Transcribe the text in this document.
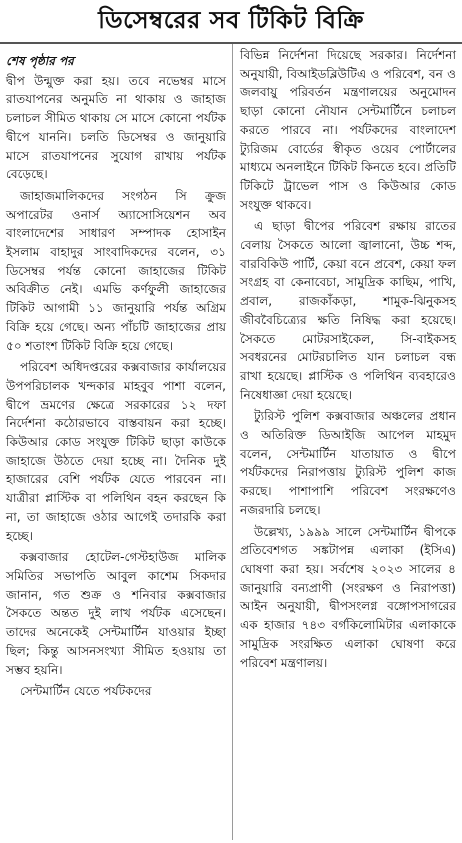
ডিসেম্বরের সব টিকিট বিক্রি
শেষ পৃষ্ঠার পর

দ্বীপ উন্মুক্ত করা হয়। তবে নভেম্বর মাসে রাতযাপনের অনুমতি না থাকায় ও জাহাজ চলাচল সীমিত থাকায় সে মাসে কোনো পর্যটক দ্বীপে যাননি। চলতি ডিসেম্বর ও জানুয়ারি মাসে রাতযাপনের সুযোগ রাখায় পর্যটক বেড়েছে।

জাহাজমালিকদের সংগঠন সি ক্রুজ অপারেটর ওনার্স অ্যাসোসিয়েশন অব বাংলাদেশের সাধারণ সম্পাদক হোসাইন ইসলাম বাহাদুর সাংবাদিকদের বলেন, ৩১ ডিসেম্বর পর্যন্ত কোনো জাহাজের টিকিট অবিক্রীত নেই। এমভি কর্ণফুলী জাহাজের টিকিট আগামী ১১ জানুয়ারি পর্যন্ত অগ্রিম বিক্রি হয়ে গেছে। অন্য পাঁচটি জাহাজের প্রায় ৫০ শতাংশ টিকিট বিক্রি হয়ে গেছে।

পরিবেশ অধিদপ্তরের কক্সবাজার কার্যালয়ের উপপরিচালক খন্দকার মাহবুব পাশা বলেন, দ্বীপে ভ্রমণের ক্ষেত্রে সরকারের ১২ দফা নির্দেশনা কঠোরভাবে বাস্তবায়ন করা হচ্ছে। কিউআর কোড সংযুক্ত টিকিট ছাড়া কাউকে জাহাজে উঠতে দেয়া হচ্ছে না। দৈনিক দুই হাজারের বেশি পর্যটক যেতে পারবেন না। যাত্রীরা প্লাস্টিক বা পলিথিন বহন করছেন কি না, তা জাহাজে ওঠার আগেই তদারকি করা হচ্ছে।

কক্সবাজার হোটেল-গেস্টহাউজ মালিক সমিতির সভাপতি আবুল কাশেম সিকদার জানান, গত শুক্র ও শনিবার কক্সবাজার সৈকতে অন্তত দুই লাখ পর্যটক এসেছেন। তাদের অনেকেই সেন্টমার্টিন যাওয়ার ইচ্ছা ছিল; কিন্তু আসনসংখ্যা সীমিত হওয়ায় তা সম্ভব হয়নি।

সেন্টমার্টিন যেতে পর্যটকদের

বিভিন্ন নির্দেশনা দিয়েছে সরকার। নির্দেশনা অনুযায়ী, বিআইডব্লিউটিএ ও পরিবেশ, বন ও জলবায়ু পরিবর্তন মন্ত্রণালয়ের অনুমোদন ছাড়া কোনো নৌযান সেন্টমার্টিনে চলাচল করতে পারবে না। পর্যটকদের বাংলাদেশ ট্যুরিজম বোর্ডের স্বীকৃত ওয়েব পোর্টালের মাধ্যমে অনলাইনে টিকিট কিনতে হবে। প্রতিটি টিকিটে ট্রাভেল পাস ও কিউআর কোড সংযুক্ত থাকবে।

এ ছাড়া দ্বীপের পরিবেশ রক্ষায় রাতের বেলায় সৈকতে আলো জ্বালানো, উচ্চ শব্দ, বারবিকিউ পার্টি, কেয়া বনে প্রবেশ, কেয়া ফল সংগ্রহ বা কেনাবেচা, সামুদ্রিক কাছিম, পাখি, প্রবাল, রাজকাঁকড়া, শামুক-ঝিনুকসহ জীববৈচিত্র্যের ক্ষতি নিষিদ্ধ করা হয়েছে। সৈকতে মোটরসাইকেল, সি-বাইকসহ সবধরনের মোটরচালিত যান চলাচল বন্ধ রাখা হয়েছে। প্লাস্টিক ও পলিথিন ব্যবহারেও নিষেধাজ্ঞা দেয়া হয়েছে।

ট্যুরিস্ট পুলিশ কক্সবাজার অঞ্চলের প্রধান ও অতিরিক্ত ডিআইজি আপেল মাহমুদ বলেন, সেন্টমার্টিন যাতায়াত ও দ্বীপে পর্যটকদের নিরাপত্তায় ট্যুরিস্ট পুলিশ কাজ করছে। পাশাপাশি পরিবেশ সংরক্ষণেও নজরদারি চলছে।

উল্লেখ্য, ১৯৯৯ সালে সেন্টমার্টিন দ্বীপকে প্রতিবেশগত সঙ্কটাপন্ন এলাকা (ইসিএ) ঘোষণা করা হয়। সর্বশেষ ২০২৩ সালের ৪ জানুয়ারি বন্যপ্রাণী (সংরক্ষণ ও নিরাপত্তা) আইন অনুযায়ী, দ্বীপসংলগ্ন বঙ্গোপসাগরের এক হাজার ৭৪৩ বর্গকিলোমিটার এলাকাকে সামুদ্রিক সংরক্ষিত এলাকা ঘোষণা করে পরিবেশ মন্ত্রণালয়।
